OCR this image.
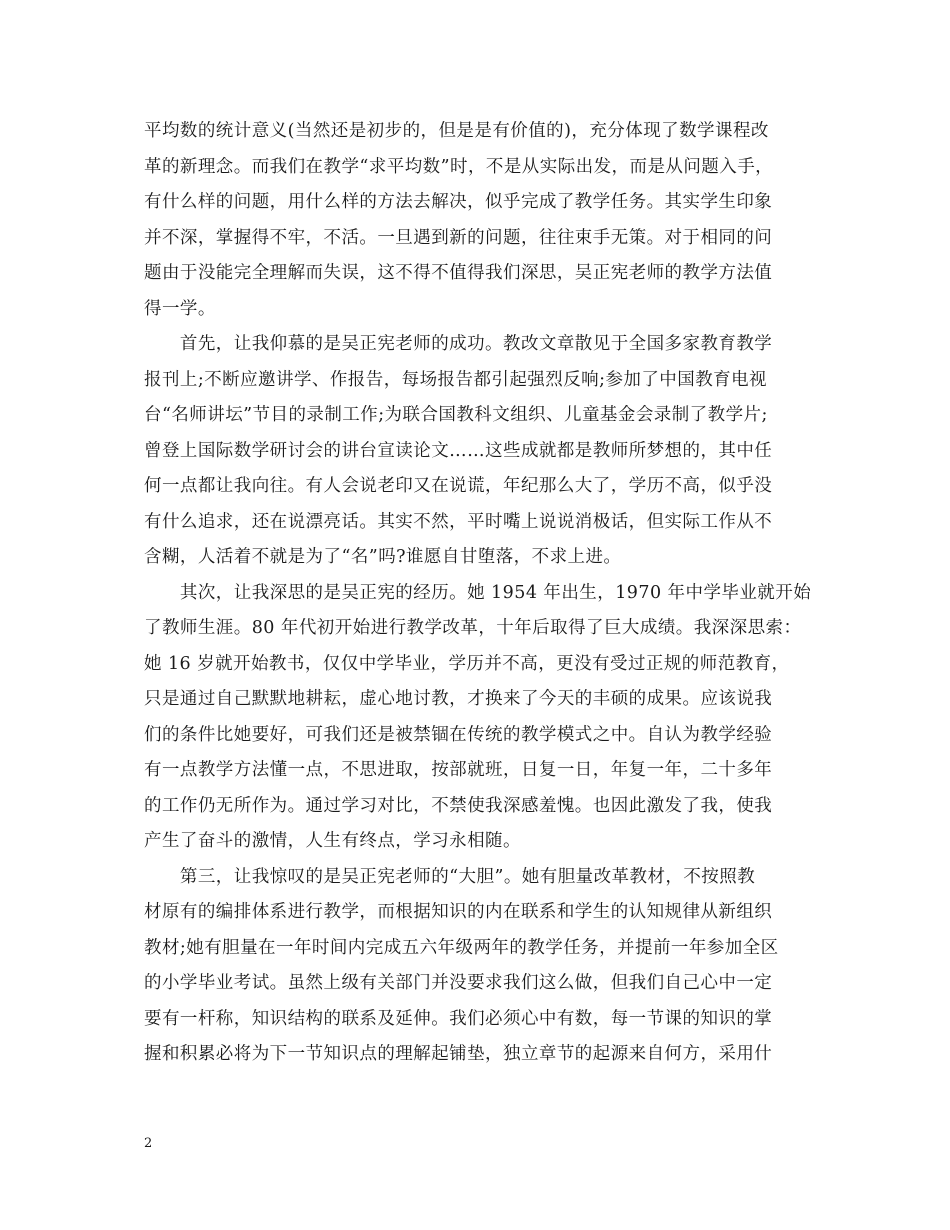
平均数的统计意义(当然还是初步的，但是是有价值的)，充分体现了数学课程改
革的新理念。而我们在教学“求平均数”时，不是从实际出发，而是从问题入手，
有什么样的问题，用什么样的方法去解决，似乎完成了教学任务。其实学生印象
并不深，掌握得不牢，不活。一旦遇到新的问题，往往束手无策。对于相同的问
题由于没能完全理解而失误，这不得不值得我们深思，吴正宪老师的教学方法值
得一学。
　　首先，让我仰慕的是吴正宪老师的成功。教改文章散见于全国多家教育教学
报刊上;不断应邀讲学、作报告，每场报告都引起强烈反响;参加了中国教育电视
台“名师讲坛”节目的录制工作;为联合国教科文组织、儿童基金会录制了教学片;
曾登上国际数学研讨会的讲台宣读论文……这些成就都是教师所梦想的，其中任
何一点都让我向往。有人会说老印又在说谎，年纪那么大了，学历不高，似乎没
有什么追求，还在说漂亮话。其实不然，平时嘴上说说消极话，但实际工作从不
含糊，人活着不就是为了“名”吗?谁愿自甘堕落，不求上进。
　　其次，让我深思的是吴正宪的经历。她 1954 年出生，1970 年中学毕业就开始
了教师生涯。80 年代初开始进行教学改革，十年后取得了巨大成绩。我深深思索：
她 16 岁就开始教书，仅仅中学毕业，学历并不高，更没有受过正规的师范教育，
只是通过自己默默地耕耘，虚心地讨教，才换来了今天的丰硕的成果。应该说我
们的条件比她要好，可我们还是被禁锢在传统的教学模式之中。自认为教学经验
有一点教学方法懂一点，不思进取，按部就班，日复一日，年复一年，二十多年
的工作仍无所作为。通过学习对比，不禁使我深感羞愧。也因此激发了我，使我
产生了奋斗的激情，人生有终点，学习永相随。
　　第三，让我惊叹的是吴正宪老师的“大胆”。她有胆量改革教材，不按照教
材原有的编排体系进行教学，而根据知识的内在联系和学生的认知规律从新组织
教材;她有胆量在一年时间内完成五六年级两年的教学任务，并提前一年参加全区
的小学毕业考试。虽然上级有关部门并没要求我们这么做，但我们自己心中一定
要有一杆称，知识结构的联系及延伸。我们必须心中有数，每一节课的知识的掌
握和积累必将为下一节知识点的理解起铺垫，独立章节的起源来自何方，采用什
2
